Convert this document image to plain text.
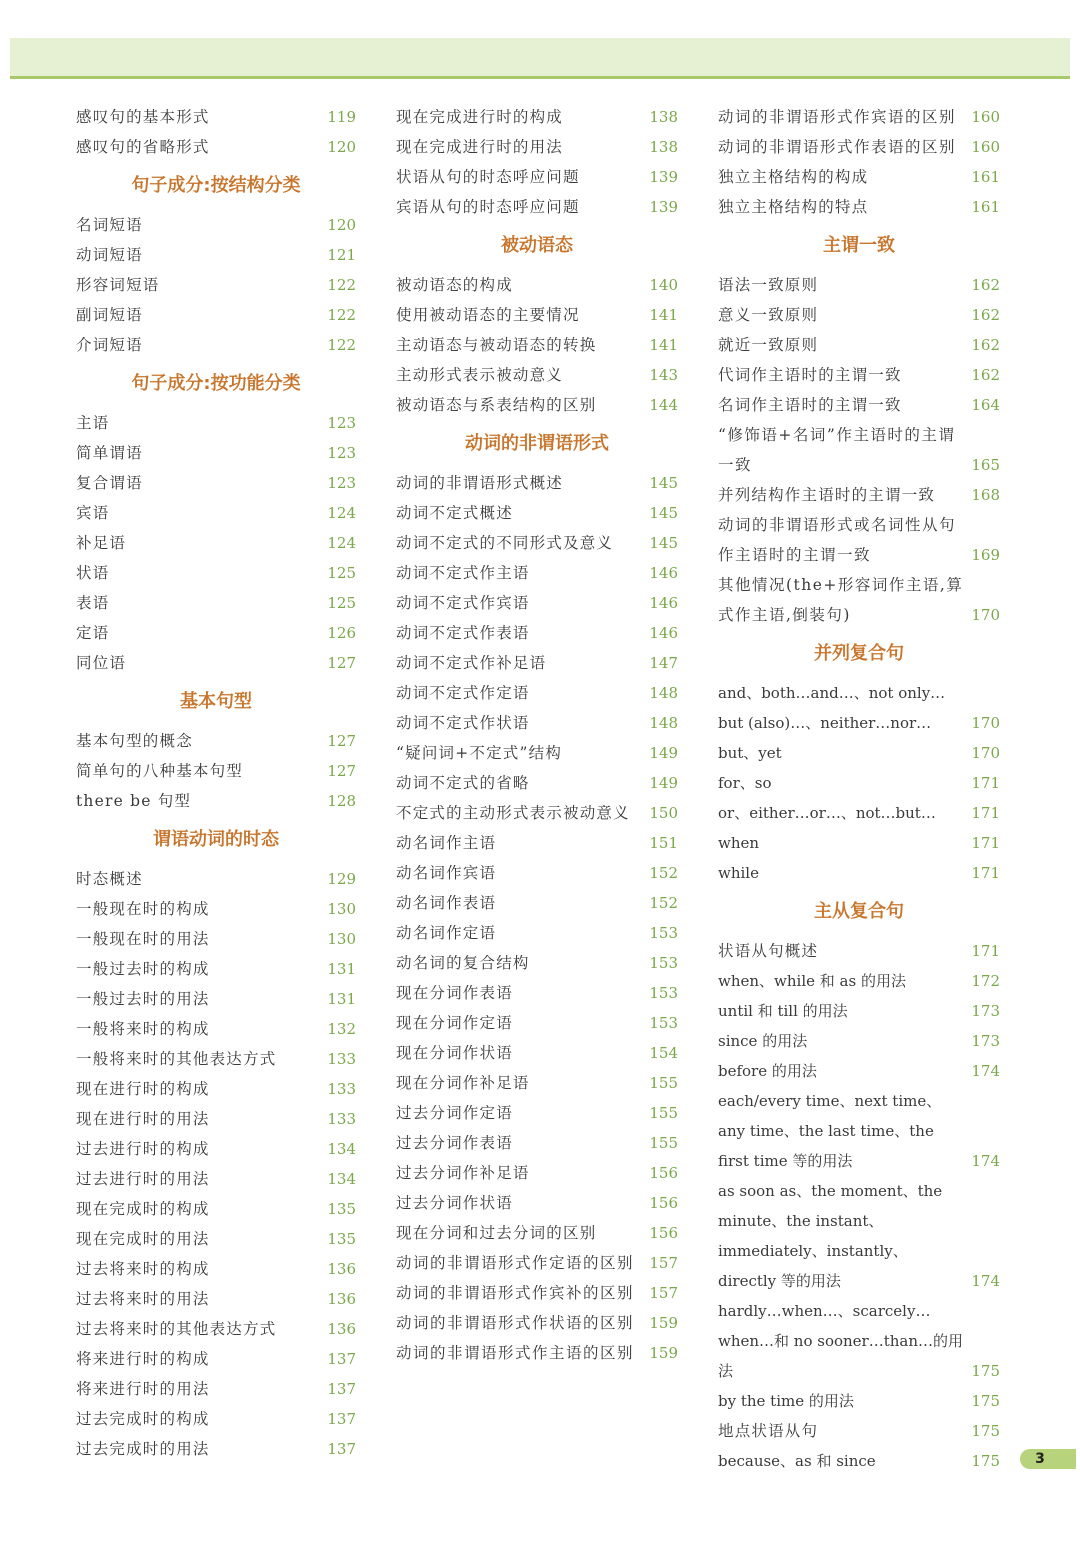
感叹句的基本形式	119
感叹句的省略形式	120
句子成分:按结构分类
名词短语	120
动词短语	121
形容词短语	122
副词短语	122
介词短语	122
句子成分:按功能分类
主语	123
简单谓语	123
复合谓语	123
宾语	124
补足语	124
状语	125
表语	125
定语	126
同位语	127
基本句型
基本句型的概念	127
简单句的八种基本句型	127
there be 句型	128
谓语动词的时态
时态概述	129
一般现在时的构成	130
一般现在时的用法	130
一般过去时的构成	131
一般过去时的用法	131
一般将来时的构成	132
一般将来时的其他表达方式	133
现在进行时的构成	133
现在进行时的用法	133
过去进行时的构成	134
过去进行时的用法	134
现在完成时的构成	135
现在完成时的用法	135
过去将来时的构成	136
过去将来时的用法	136
过去将来时的其他表达方式	136
将来进行时的构成	137
将来进行时的用法	137
过去完成时的构成	137
过去完成时的用法	137
现在完成进行时的构成	138
现在完成进行时的用法	138
状语从句的时态呼应问题	139
宾语从句的时态呼应问题	139
被动语态
被动语态的构成	140
使用被动语态的主要情况	141
主动语态与被动语态的转换	141
主动形式表示被动意义	143
被动语态与系表结构的区别	144
动词的非谓语形式
动词的非谓语形式概述	145
动词不定式概述	145
动词不定式的不同形式及意义	145
动词不定式作主语	146
动词不定式作宾语	146
动词不定式作表语	146
动词不定式作补足语	147
动词不定式作定语	148
动词不定式作状语	148
“疑问词+不定式”结构	149
动词不定式的省略	149
不定式的主动形式表示被动意义	150
动名词作主语	151
动名词作宾语	152
动名词作表语	152
动名词作定语	153
动名词的复合结构	153
现在分词作表语	153
现在分词作定语	153
现在分词作状语	154
现在分词作补足语	155
过去分词作定语	155
过去分词作表语	155
过去分词作补足语	156
过去分词作状语	156
现在分词和过去分词的区别	156
动词的非谓语形式作定语的区别	157
动词的非谓语形式作宾补的区别	157
动词的非谓语形式作状语的区别	159
动词的非谓语形式作主语的区别	159
动词的非谓语形式作宾语的区别	160
动词的非谓语形式作表语的区别	160
独立主格结构的构成	161
独立主格结构的特点	161
主谓一致
语法一致原则	162
意义一致原则	162
就近一致原则	162
代词作主语时的主谓一致	162
名词作主语时的主谓一致	164
“修饰语+名词”作主语时的主谓一致	165
并列结构作主语时的主谓一致	168
动词的非谓语形式或名词性从句作主语时的主谓一致	169
其他情况(the+形容词作主语,算式作主语,倒装句)	170
并列复合句
and、both…and…、not only…but (also)…、neither…nor…	170
but、yet	170
for、so	171
or、either…or…、not…but…	171
when	171
while	171
主从复合句
状语从句概述	171
when、while 和 as 的用法	172
until 和 till 的用法	173
since 的用法	173
before 的用法	174
each/every time、next time、any time、the last time、the first time 等的用法	174
as soon as、the moment、the minute、the instant、immediately、instantly、directly 等的用法	174
hardly…when…、scarcely…when…和 no sooner…than…的用法	175
by the time 的用法	175
地点状语从句	175
because、as 和 since	175	3
